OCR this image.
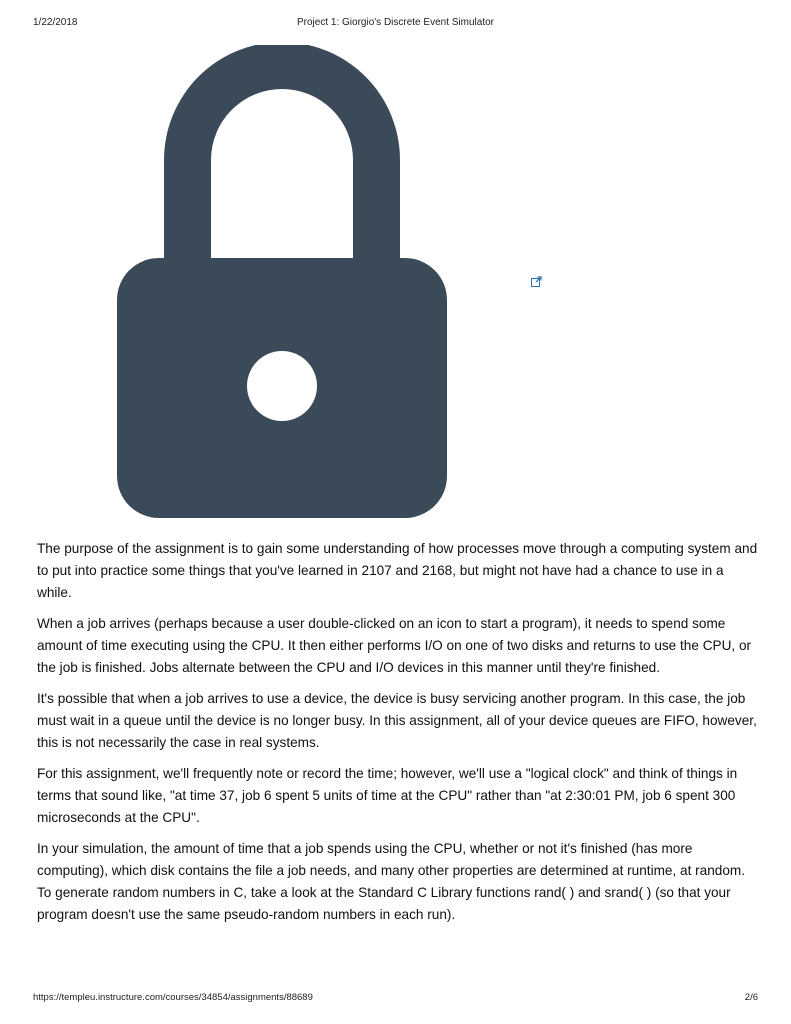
1/22/2018	Project 1: Giorgio's Discrete Event Simulator

The purpose of the assignment is to gain some understanding of how processes move through a computing system and to put into practice some things that you've learned in 2107 and 2168, but might not have had a chance to use in a while.

When a job arrives (perhaps because a user double-clicked on an icon to start a program), it needs to spend some amount of time executing using the CPU. It then either performs I/O on one of two disks and returns to use the CPU, or the job is finished. Jobs alternate between the CPU and I/O devices in this manner until they're finished.

It's possible that when a job arrives to use a device, the device is busy servicing another program. In this case, the job must wait in a queue until the device is no longer busy. In this assignment, all of your device queues are FIFO, however, this is not necessarily the case in real systems.

For this assignment, we'll frequently note or record the time; however, we'll use a "logical clock" and think of things in terms that sound like, "at time 37, job 6 spent 5 units of time at the CPU" rather than "at 2:30:01 PM, job 6 spent 300 microseconds at the CPU".

In your simulation, the amount of time that a job spends using the CPU, whether or not it's finished (has more computing), which disk contains the file a job needs, and many other properties are determined at runtime, at random. To generate random numbers in C, take a look at the Standard C Library functions rand( ) and srand( ) (so that your program doesn't use the same pseudo-random numbers in each run).

https://templeu.instructure.com/courses/34854/assignments/88689	2/6
